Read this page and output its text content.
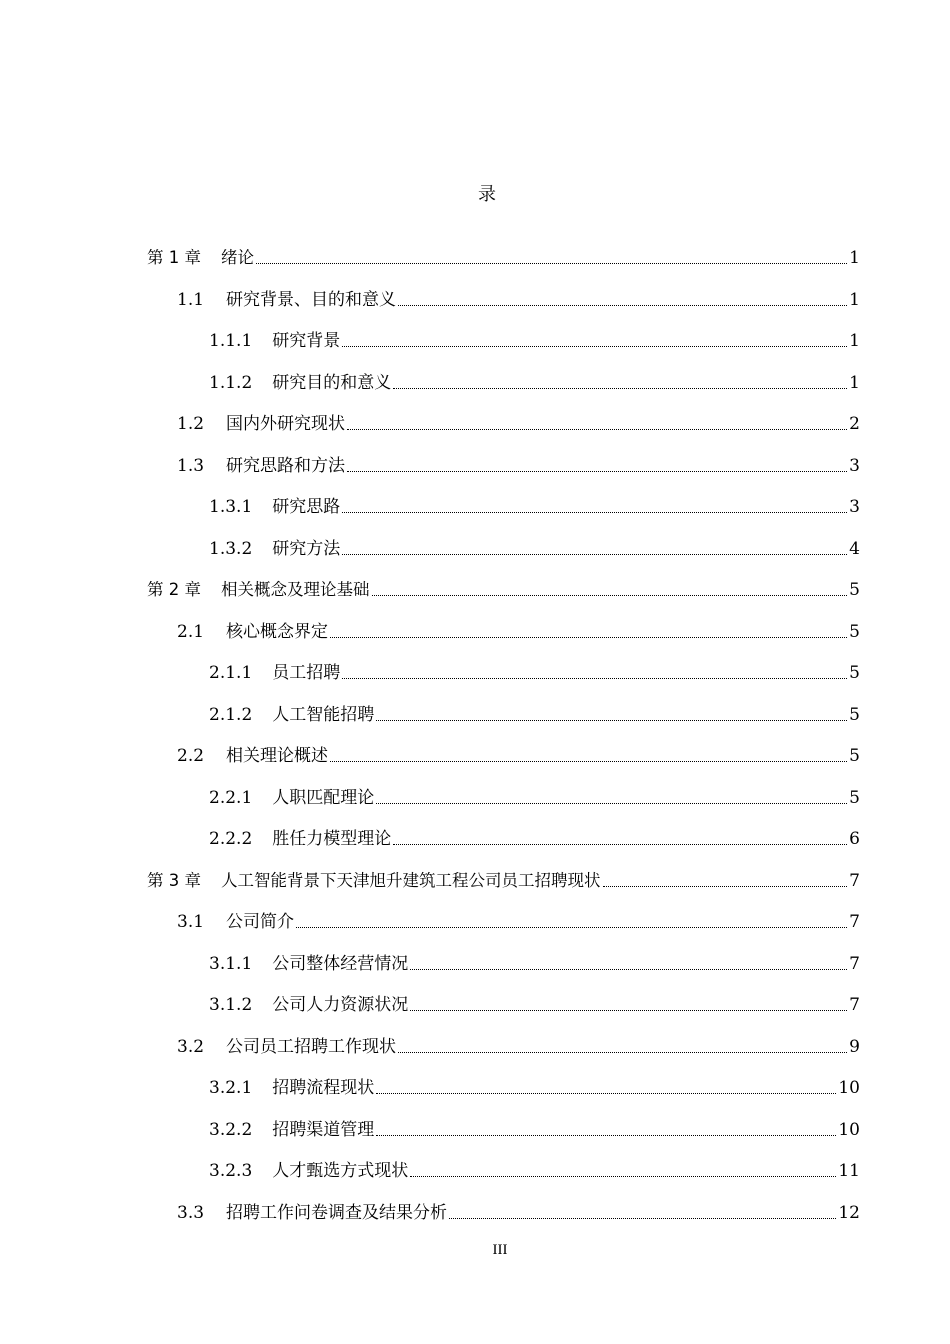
录
第 1 章 绪论	1
1.1 研究背景、目的和意义	1
1.1.1 研究背景	1
1.1.2 研究目的和意义	1
1.2 国内外研究现状	2
1.3 研究思路和方法	3
1.3.1 研究思路	3
1.3.2 研究方法	4
第 2 章 相关概念及理论基础	5
2.1 核心概念界定	5
2.1.1 员工招聘	5
2.1.2 人工智能招聘	5
2.2 相关理论概述	5
2.2.1 人职匹配理论	5
2.2.2 胜任力模型理论	6
第 3 章 人工智能背景下天津旭升建筑工程公司员工招聘现状	7
3.1 公司简介	7
3.1.1 公司整体经营情况	7
3.1.2 公司人力资源状况	7
3.2 公司员工招聘工作现状	9
3.2.1 招聘流程现状	10
3.2.2 招聘渠道管理	10
3.2.3 人才甄选方式现状	11
3.3 招聘工作问卷调查及结果分析	12
III
